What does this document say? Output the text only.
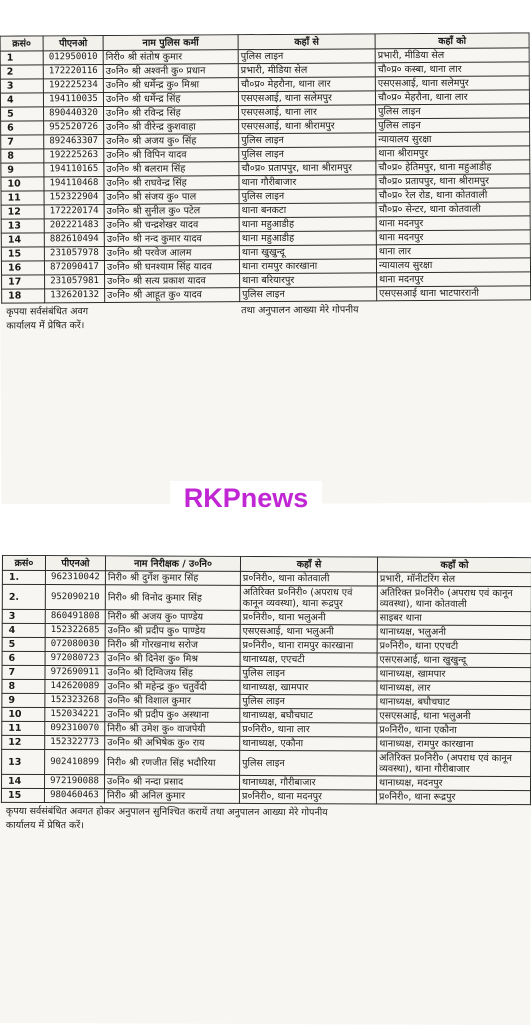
क्रसं०	पीएनओ	नाम पुलिस कर्मी	कहाँ से	कहाँ को
1	012950010	निरी० श्री संतोष कुमार	पुलिस लाइन	प्रभारी, मीडिया सेल
2	172220116	उ०नि० श्री अश्वनी कु० प्रधान	प्रभारी, मीडिया सेल	चौ०प्र० कस्बा, थाना लार
3	192225234	उ०नि० श्री धर्मेन्द्र कु० मिश्रा	चौ०प्र० मेहरौना, थाना लार	एसएसआई, थाना सलेमपुर
4	194110035	उ०नि० श्री धर्मेन्द्र सिंह	एसएसआई, थाना सलेमपुर	चौ०प्र० मेहरौना, थाना लार
5	890440320	उ०नि० श्री रविन्द्र सिंह	एसएसआई, थाना लार	पुलिस लाइन
6	952520726	उ०नि० श्री वीरेन्द्र कुशवाहा	एसएसआई, थाना श्रीरामपुर	पुलिस लाइन
7	892463307	उ०नि० श्री अजय कु० सिंह	पुलिस लाइन	न्यायालय सुरक्षा
8	192225263	उ०नि० श्री विपिन यादव	पुलिस लाइन	थाना श्रीरामपुर
9	194110165	उ०नि० श्री बलराम सिंह	चौ०प्र० प्रतापपुर, थाना श्रीरामपुर	चौ०प्र० हेतिमपुर, थाना महुआडीह
10	194110468	उ०नि० श्री राघवेन्द्र सिंह	थाना गौरीबाजार	चौ०प्र० प्रतापपुर, थाना श्रीरामपुर
11	152322904	उ०नि० श्री संजय कु० पाल	पुलिस लाइन	चौ०प्र० रेल रोड, थाना कोतवाली
12	172220174	उ०नि० श्री सुनील कु० पटेल	थाना बनकटा	चौ०प्र० सेन्टर, थाना कोतवाली
13	202221483	उ०नि० श्री चन्द्रशेखर यादव	थाना महुआडीह	थाना मदनपुर
14	882610494	उ०नि० श्री नन्द कुमार यादव	थाना महुआडीह	थाना मदनपुर
15	231057978	उ०नि० श्री परवेज आलम	थाना खुखुन्दू	थाना लार
16	872090417	उ०नि० श्री घनश्याम सिंह यादव	थाना रामपुर कारखाना	न्यायालय सुरक्षा
17	231057981	उ०नि० श्री सत्य प्रकाश यादव	थाना बरियारपुर	थाना मदनपुर
18	132620132	उ०नि० श्री आहूत कु० यादव	पुलिस लाइन	एसएसआई थाना भाटपाररानी
कृपया सर्वसंबंधित अवग	तथा अनुपालन आख्या मेरे गोपनीय
कार्यालय में प्रेषित करें।
RKPnews
क्रसं०	पीएनओ	नाम निरीक्षक / उ०नि०	कहाँ से	कहाँ को
1.	962310042	निरी० श्री दुर्गेश कुमार सिंह	प्र०निरी०, थाना कोतवाली	प्रभारी, मॉनीटरिंग सेल
2.	952090210	निरी० श्री विनोद कुमार सिंह	अतिरिक्त प्र०निरी० (अपराध एवं कानून व्यवस्था), थाना रूद्रपुर	अतिरिक्त प्र०निरी० (अपराध एवं कानून व्यवस्था), थाना कोतवाली
3	860491808	निरी० श्री अजय कु० पाण्डेय	प्र०निरी०, थाना भलुअनी	साइबर थाना
4	152322685	उ०नि० श्री प्रदीप कु० पाण्डेय	एसएसआई, थाना भलुअनी	थानाध्यक्ष, भलुअनी
5	072080030	निरी० श्री गोरखनाथ सरोज	प्र०निरी०, थाना रामपुर कारखाना	प्र०निरी०, थाना एएचटी
6	972080723	उ०नि० श्री दिनेश कु० मिश्र	थानाध्यक्ष, एएचटी	एसएसआई, थाना खुखुन्दू
7	972690911	उ०नि० श्री दिग्विजय सिंह	पुलिस लाइन	थानाध्यक्ष, खामपार
8	142620089	उ०नि० श्री महेन्द्र कु० चतुर्वेदी	थानाध्यक्ष, खामपार	थानाध्यक्ष, लार
9	152323268	उ०नि० श्री विशाल कुमार	पुलिस लाइन	थानाध्यक्ष, बघौचघाट
10	152034221	उ०नि० श्री प्रदीप कु० अस्थाना	थानाध्यक्ष, बघौचघाट	एसएसआई, थाना भलुअनी
11	092310070	निरी० श्री उमेश कु० वाजपेयी	प्र०निरी०, थाना लार	प्र०निरी०, थाना एकौना
12	152322773	उ०नि० श्री अभिषेक कु० राय	थानाध्यक्ष, एकौना	थानाध्यक्ष, रामपुर कारखाना
13	902410899	निरी० श्री रणजीत सिंह भदौरिया	पुलिस लाइन	अतिरिक्त प्र०निरी० (अपराध एवं कानून व्यवस्था), थाना गौरीबाजार
14	972190088	उ०नि० श्री नन्दा प्रसाद	थानाध्यक्ष, गौरीबाजार	थानाध्यक्ष, मदनपुर
15	980460463	निरी० श्री अनिल कुमार	प्र०निरी०, थाना मदनपुर	प्र०निरी०, थाना रूद्रपुर
कृपया सर्वसंबंधित अवगत होकर अनुपालन सुनिश्चित करायें तथा अनुपालन आख्या मेरे गोपनीय
कार्यालय में प्रेषित करें।
